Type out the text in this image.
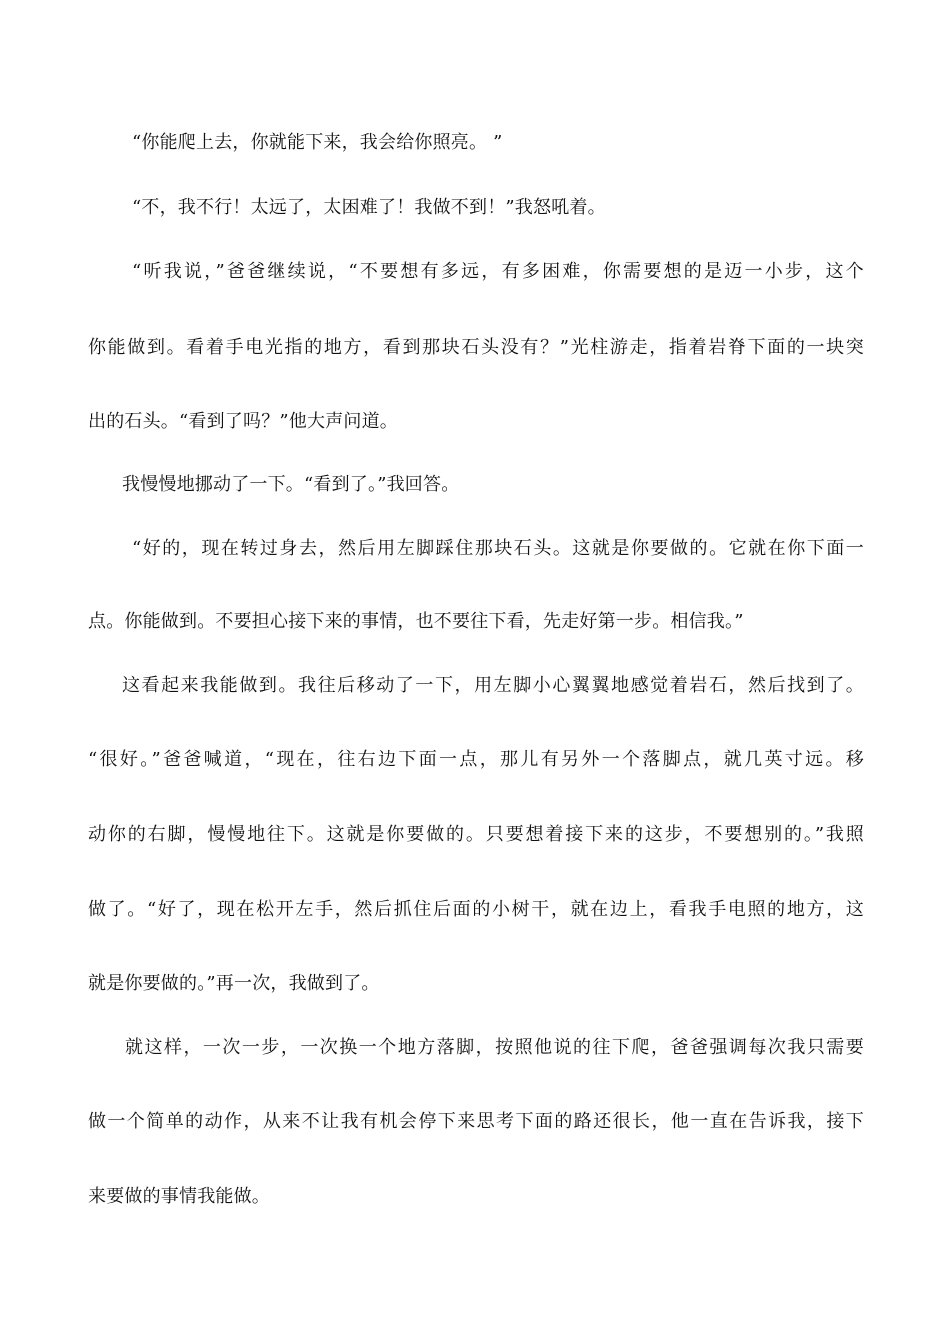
“你能爬上去，你就能下来，我会给你照亮。 ”
“不，我不行！太远了，太困难了！我做不到！”我怒吼着。
“听我说，”爸爸继续说，“不要想有多远，有多困难，你需要想的是迈一小步，这个
你能做到。看着手电光指的地方，看到那块石头没有？”光柱游走，指着岩脊下面的一块突
出的石头。“看到了吗？”他大声问道。
我慢慢地挪动了一下。“看到了。”我回答。
“好的，现在转过身去，然后用左脚踩住那块石头。这就是你要做的。它就在你下面一
点。你能做到。不要担心接下来的事情，也不要往下看，先走好第一步。相信我。”
这看起来我能做到。我往后移动了一下，用左脚小心翼翼地感觉着岩石，然后找到了。
“很好。”爸爸喊道，“现在，往右边下面一点，那儿有另外一个落脚点，就几英寸远。移
动你的右脚，慢慢地往下。这就是你要做的。只要想着接下来的这步，不要想别的。”我照
做了。“好了，现在松开左手，然后抓住后面的小树干，就在边上，看我手电照的地方，这
就是你要做的。”再一次，我做到了。
就这样，一次一步，一次换一个地方落脚，按照他说的往下爬，爸爸强调每次我只需要
做一个简单的动作，从来不让我有机会停下来思考下面的路还很长，他一直在告诉我，接下
来要做的事情我能做。
